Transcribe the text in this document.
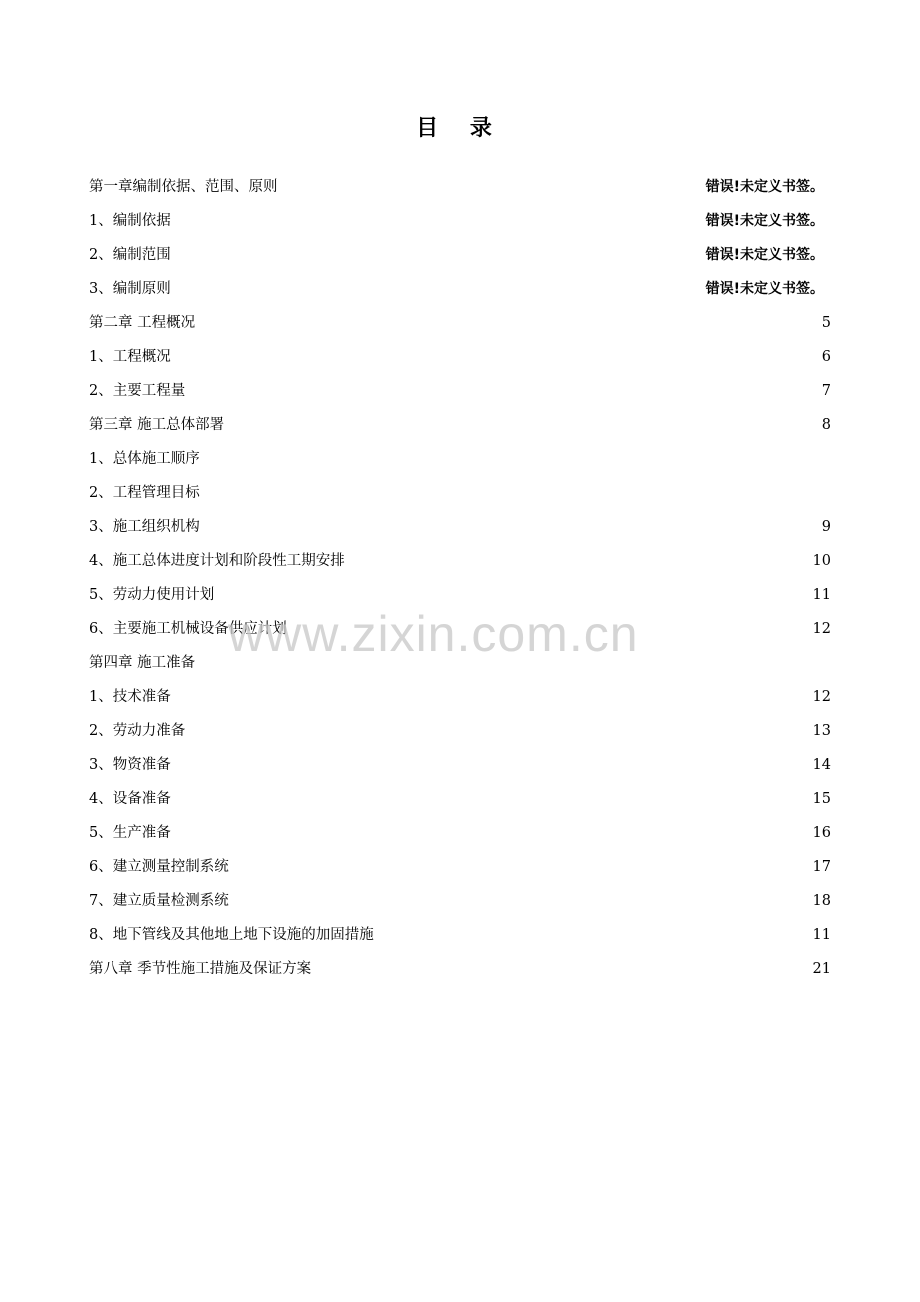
目 录
第一章编制依据、范围、原则	错误!未定义书签。
1、编制依据	错误!未定义书签。
2、编制范围	错误!未定义书签。
3、编制原则	错误!未定义书签。
第二章 工程概况	5
1、工程概况	6
2、主要工程量	7
第三章 施工总体部署	8
1、总体施工顺序
2、工程管理目标
3、施工组织机构	9
4、施工总体进度计划和阶段性工期安排	10
5、劳动力使用计划	11
6、主要施工机械设备供应计划	12
第四章 施工准备
1、技术准备	12
2、劳动力准备	13
3、物资准备	14
4、设备准备	15
5、生产准备	16
6、建立测量控制系统	17
7、建立质量检测系统	18
8、地下管线及其他地上地下设施的加固措施	11
第八章 季节性施工措施及保证方案	21
www.zixin.com.cn
